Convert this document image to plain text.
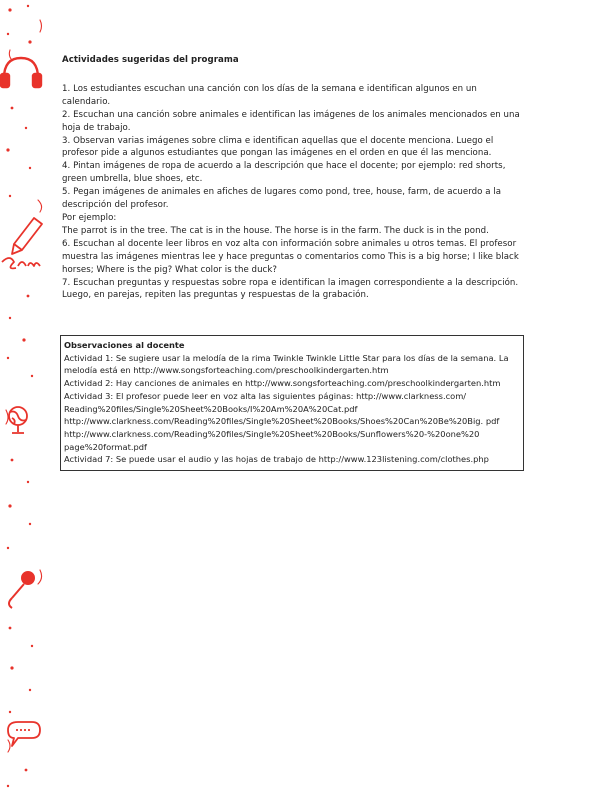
Actividades sugeridas del programa

1. Los estudiantes escuchan una canción con los días de la semana e identifican algunos en un calendario.

2. Escuchan una canción sobre animales e identifican las imágenes de los animales mencionados en una hoja de trabajo.

3. Observan varias imágenes sobre clima e identifican aquellas que el docente menciona. Luego el profesor pide a algunos estudiantes que pongan las imágenes en el orden en que él las menciona.

4. Pintan imágenes de ropa de acuerdo a la descripción que hace el docente; por ejemplo: red shorts, green umbrella, blue shoes, etc.

5. Pegan imágenes de animales en afiches de lugares como pond, tree, house, farm, de acuerdo a la descripción del profesor.

Por ejemplo:

The parrot is in the tree. The cat is in the house. The horse is in the farm. The duck is in the pond.

6. Escuchan al docente leer libros en voz alta con información sobre animales u otros temas. El profesor muestra las imágenes mientras lee y hace preguntas o comentarios como This is a big horse; I like black horses; Where is the pig? What color is the duck?

7. Escuchan preguntas y respuestas sobre ropa e identifican la imagen correspondiente a la descripción.

Luego, en parejas, repiten las preguntas y respuestas de la grabación.

Observaciones al docente

Actividad 1: Se sugiere usar la melodía de la rima Twinkle Twinkle Little Star para los días de la semana. La melodía está en http://www.songsforteaching.com/preschoolkindergarten.htm

Actividad 2: Hay canciones de animales en http://www.songsforteaching.com/preschoolkindergarten.htm Actividad 3: El profesor puede leer en voz alta las siguientes páginas: http://www.clarkness.com/ Reading%20files/Single%20Sheet%20Books/I%20Am%20A%20Cat.pdf http://www.clarkness.com/Reading%20files/Single%20Sheet%20Books/Shoes%20Can%20Be%20Big. pdf http://www.clarkness.com/Reading%20files/Single%20Sheet%20Books/Sunflowers%20-%20one%20 page%20format.pdf

Actividad 7: Se puede usar el audio y las hojas de trabajo de http://www.123listening.com/clothes.php
